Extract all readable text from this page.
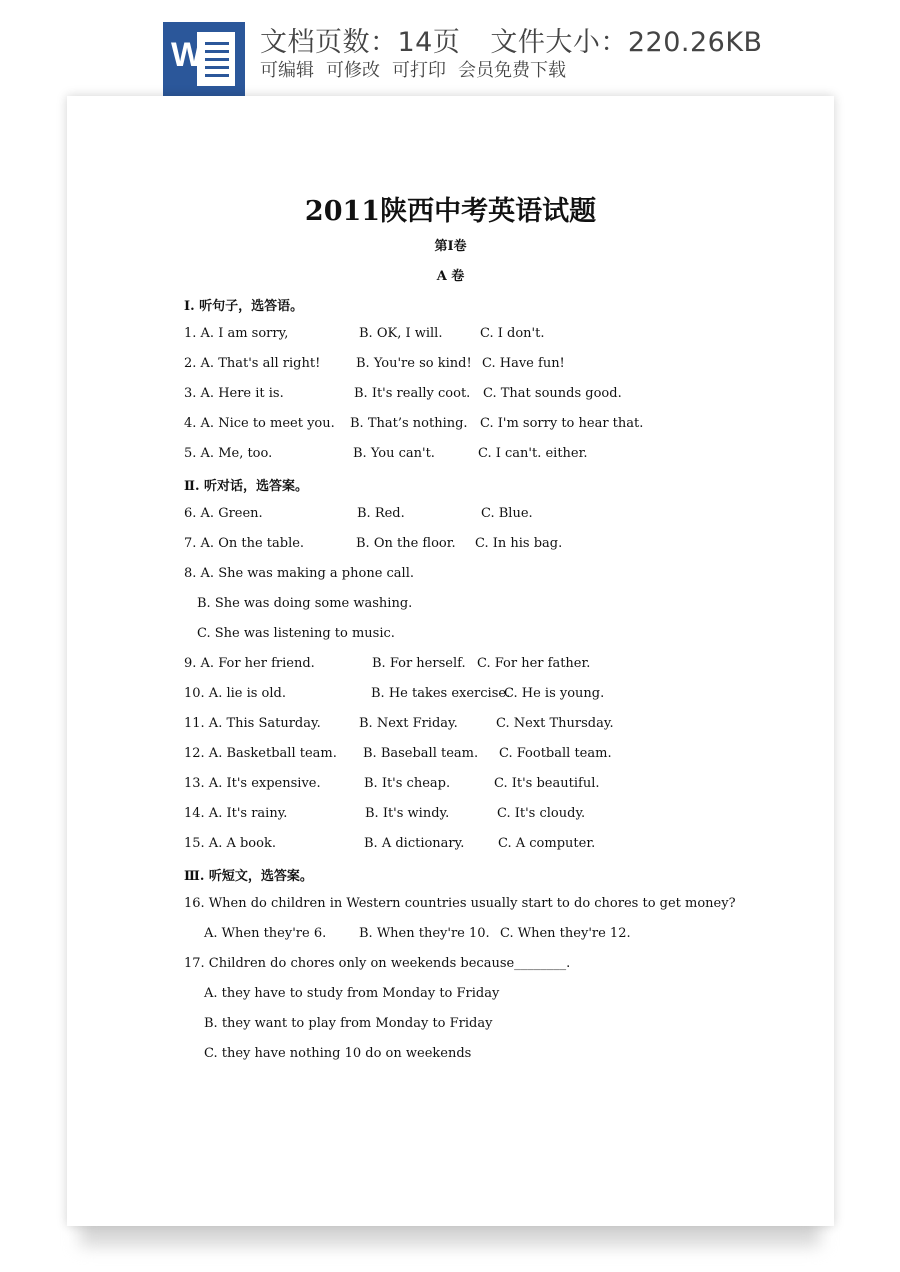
W 文档页数：14页 文件大小：220.26KB
可编辑 可修改 可打印 会员免费下载
2011陕西中考英语试题
第Ⅰ卷
A 卷
Ⅰ. 听句子，选答语。
1. A. I am sorry,	B. OK, I will.	C. I don't.
2. A. That's all right!	B. You're so kind! C. Have fun!
3. A. Here it is.	B. It's really coot. C. That sounds good.
4. A. Nice to meet you. B. That’s nothing. C. I'm sorry to hear that.
5. A. Me, too.	B. You can't.	C. I can't. either.
Ⅱ. 听对话，选答案。
6. A. Green.	B. Red.	C. Blue.
7. A. On the table.	B. On the floor. C. In his bag.
8. A. She was making a phone call.
B. She was doing some washing.
C. She was listening to music.
9. A. For her friend.	B. For herself. C. For her father.
10. A. lie is old.	B. He takes exercise.
C. He is young.
11. A. This Saturday.	B. Next Friday.	C. Next Thursday.
12. A. Basketball team. B. Baseball team. C. Football team.
13. A. It's expensive.	B. It's cheap.	C. It's beautiful.
14. A. It's rainy.	B. It's windy.	C. It's cloudy.
15. A. A book.	B. A dictionary.	C. A computer.
Ⅲ. 听短文，选答案。
16. When do children in Western countries usually start to do chores to get money?
A. When they're 6.	B. When they're 10. C. When they're 12.
17. Children do chores only on weekends because________.
A. they have to study from Monday to Friday
B. they want to play from Monday to Friday
C. they have nothing 10 do on weekends
